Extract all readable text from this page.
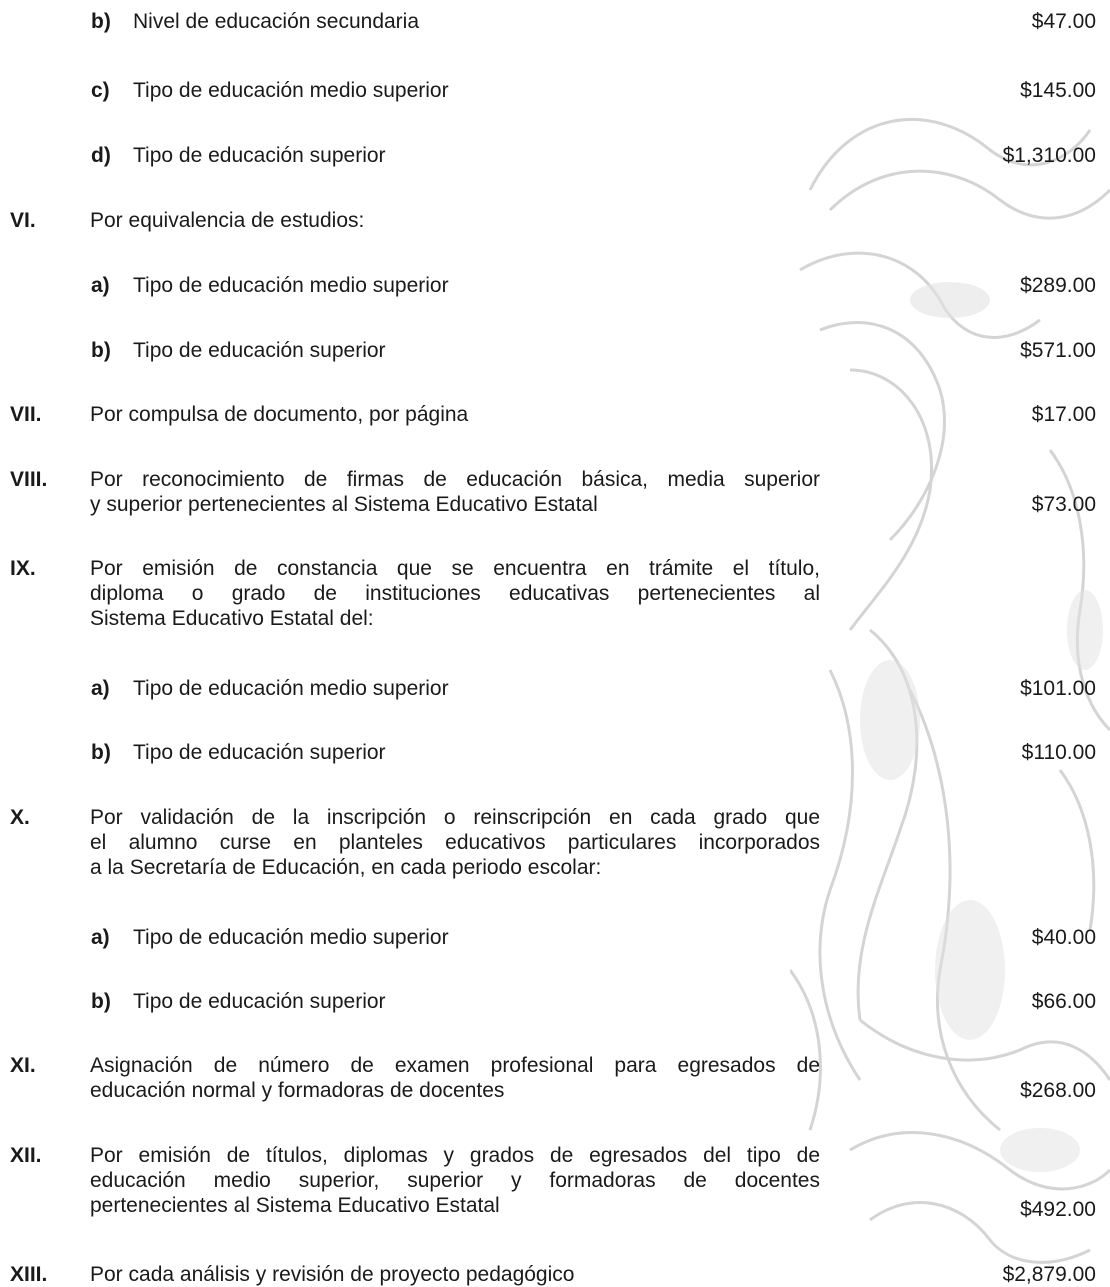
b) Nivel de educación secundaria	$47.00
c) Tipo de educación medio superior	$145.00
d) Tipo de educación superior	$1,310.00
VI.	Por equivalencia de estudios:
a) Tipo de educación medio superior	$289.00
b) Tipo de educación superior	$571.00
VII. Por compulsa de documento, por página	$17.00
VIII. Por reconocimiento de firmas de educación básica, media superior
y superior pertenecientes al Sistema Educativo Estatal	$73.00
IX.	Por emisión de constancia que se encuentra en trámite el título,
diploma o grado de instituciones educativas pertenecientes al
Sistema Educativo Estatal del:
a) Tipo de educación medio superior	$101.00
b) Tipo de educación superior	$110.00
X.	Por validación de la inscripción o reinscripción en cada grado que
el alumno curse en planteles educativos particulares incorporados
a la Secretaría de Educación, en cada periodo escolar:
a) Tipo de educación medio superior	$40.00
b) Tipo de educación superior	$66.00
XI.	Asignación de número de examen profesional para egresados de
educación normal y formadoras de docentes	$268.00
XII. Por emisión de títulos, diplomas y grados de egresados del tipo de
educación medio superior, superior y formadoras de docentes
pertenecientes al Sistema Educativo Estatal	$492.00
XIII. Por cada análisis y revisión de proyecto pedagógico	$2,879.00
